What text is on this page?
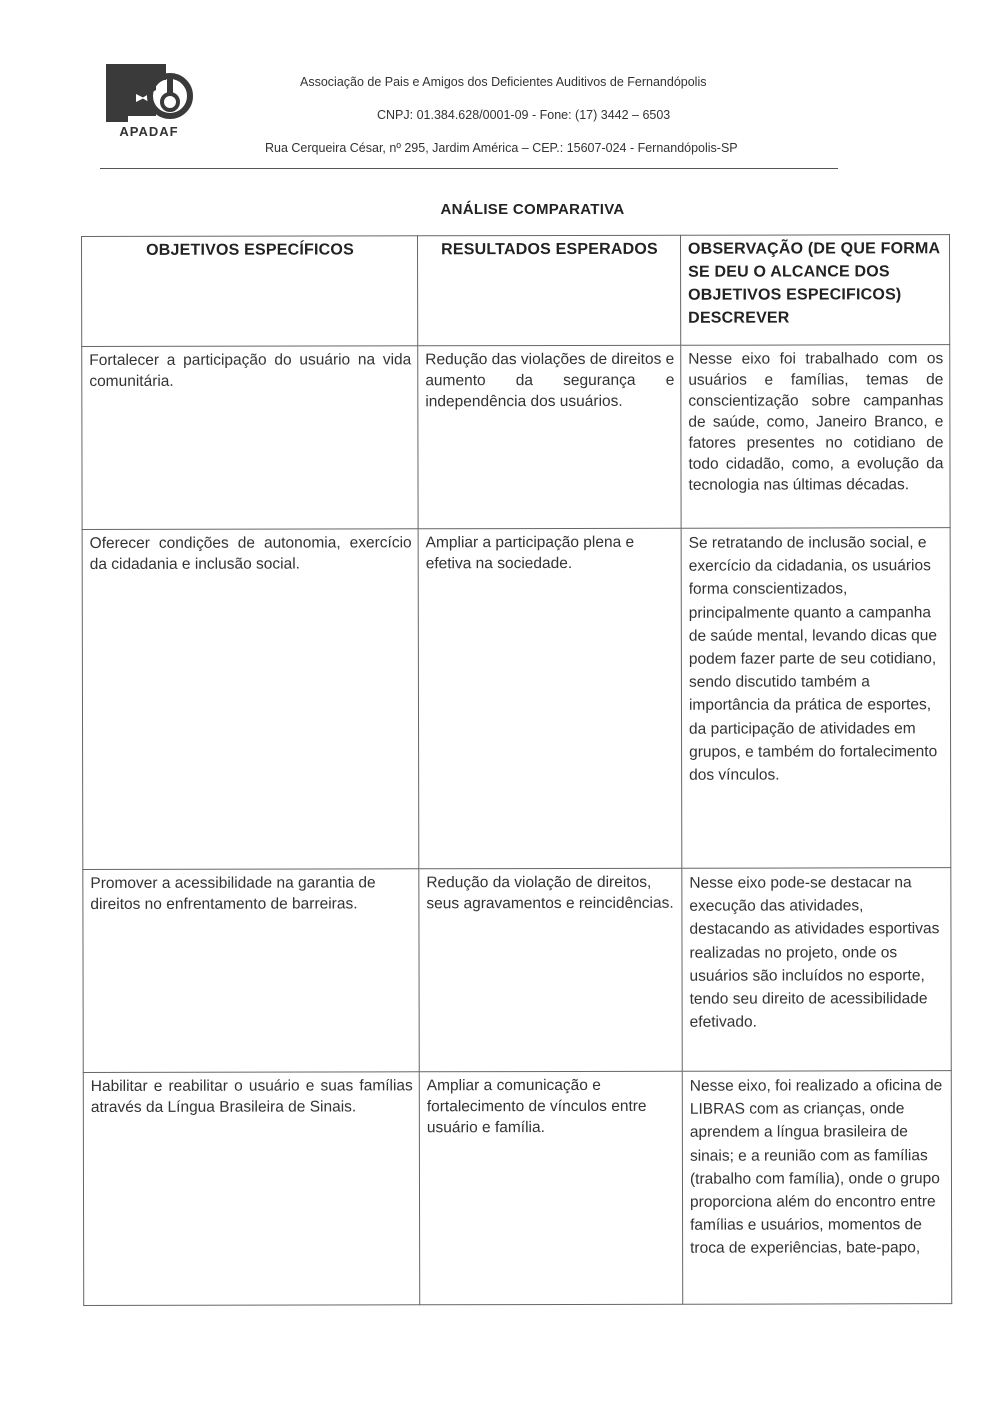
APADAF
Associação de Pais e Amigos dos Deficientes Auditivos de Fernandópolis
CNPJ: 01.384.628/0001-09 - Fone: (17) 3442 – 6503
Rua Cerqueira César, nº 295, Jardim América – CEP.: 15607-024 - Fernandópolis-SP
ANÁLISE COMPARATIVA
OBJETIVOS ESPECÍFICOS	RESULTADOS ESPERADOS	OBSERVAÇÃO (DE QUE FORMA SE DEU O ALCANCE DOS OBJETIVOS ESPECIFICOS) DESCREVER
Fortalecer a participação do usuário na vida comunitária.	Redução das violações de direitos e aumento da segurança e independência dos usuários.	Nesse eixo foi trabalhado com os usuários e famílias, temas de conscientização sobre campanhas de saúde, como, Janeiro Branco, e fatores presentes no cotidiano de todo cidadão, como, a evolução da tecnologia nas últimas décadas.
Oferecer condições de autonomia, exercício da cidadania e inclusão social.	Ampliar a participação plena e efetiva na sociedade.	Se retratando de inclusão social, e exercício da cidadania, os usuários forma conscientizados, principalmente quanto a campanha de saúde mental, levando dicas que podem fazer parte de seu cotidiano, sendo discutido também a importância da prática de esportes, da participação de atividades em grupos, e também do fortalecimento dos vínculos.
Promover a acessibilidade na garantia de direitos no enfrentamento de barreiras.	Redução da violação de direitos, seus agravamentos e reincidências.	Nesse eixo pode-se destacar na execução das atividades, destacando as atividades esportivas realizadas no projeto, onde os usuários são incluídos no esporte, tendo seu direito de acessibilidade efetivado.
Habilitar e reabilitar o usuário e suas famílias através da Língua Brasileira de Sinais.	Ampliar a comunicação e fortalecimento de vínculos entre usuário e família.	Nesse eixo, foi realizado a oficina de LIBRAS com as crianças, onde aprendem a língua brasileira de sinais; e a reunião com as famílias (trabalho com família), onde o grupo proporciona além do encontro entre famílias e usuários, momentos de troca de experiências, bate-papo,
